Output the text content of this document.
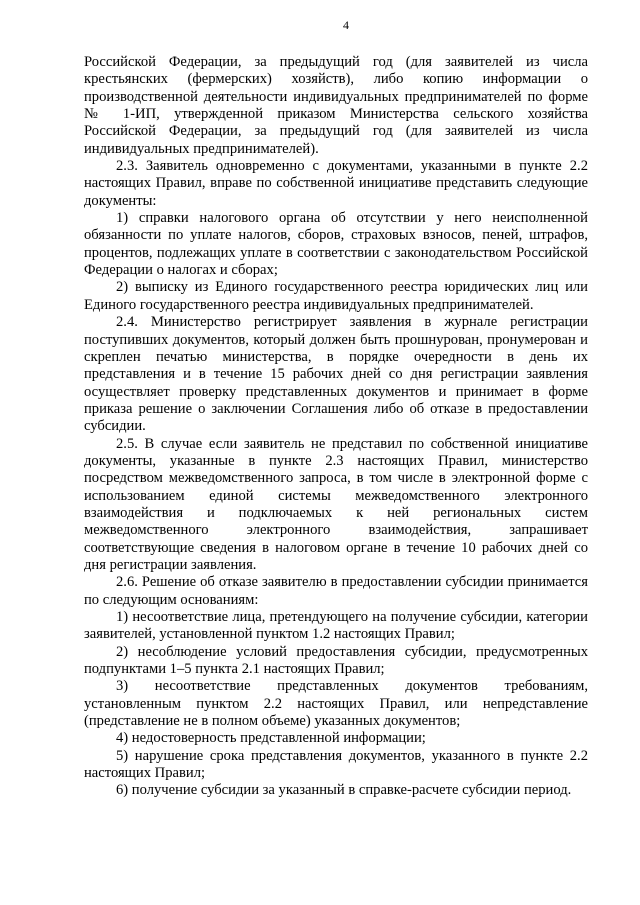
4

Российской Федерации, за предыдущий год (для заявителей из числа крестьянских (фермерских) хозяйств), либо копию информации о производственной деятельности индивидуальных предпринимателей по форме № 1-ИП, утвержденной приказом Министерства сельского хозяйства Российской Федерации, за предыдущий год (для заявителей из числа индивидуальных предпринимателей).

2.3. Заявитель одновременно с документами, указанными в пункте 2.2 настоящих Правил, вправе по собственной инициативе представить следующие документы:

1) справки налогового органа об отсутствии у него неисполненной обязанности по уплате налогов, сборов, страховых взносов, пеней, штрафов, процентов, подлежащих уплате в соответствии с законодательством Российской Федерации о налогах и сборах;

2) выписку из Единого государственного реестра юридических лиц или Единого государственного реестра индивидуальных предпринимателей.

2.4. Министерство регистрирует заявления в журнале регистрации поступивших документов, который должен быть прошнурован, пронумерован и скреплен печатью министерства, в порядке очередности в день их представления и в течение 15 рабочих дней со дня регистрации заявления осуществляет проверку представленных документов и принимает в форме приказа решение о заключении Соглашения либо об отказе в предоставлении субсидии.

2.5. В случае если заявитель не представил по собственной инициативе документы, указанные в пункте 2.3 настоящих Правил, министерство посредством межведомственного запроса, в том числе в электронной форме с использованием единой системы межведомственного электронного взаимодействия и подключаемых к ней региональных систем межведомственного электронного взаимодействия, запрашивает соответствующие сведения в налоговом органе в течение 10 рабочих дней со дня регистрации заявления.

2.6. Решение об отказе заявителю в предоставлении субсидии принимается по следующим основаниям:

1) несоответствие лица, претендующего на получение субсидии, категории заявителей, установленной пунктом 1.2 настоящих Правил;

2) несоблюдение условий предоставления субсидии, предусмотренных подпунктами 1–5 пункта 2.1 настоящих Правил;

3) несоответствие представленных документов требованиям, установленным пунктом 2.2 настоящих Правил, или непредставление (представление не в полном объеме) указанных документов;

4) недостоверность представленной информации;

5) нарушение срока представления документов, указанного в пункте 2.2 настоящих Правил;

6) получение субсидии за указанный в справке-расчете субсидии период.
